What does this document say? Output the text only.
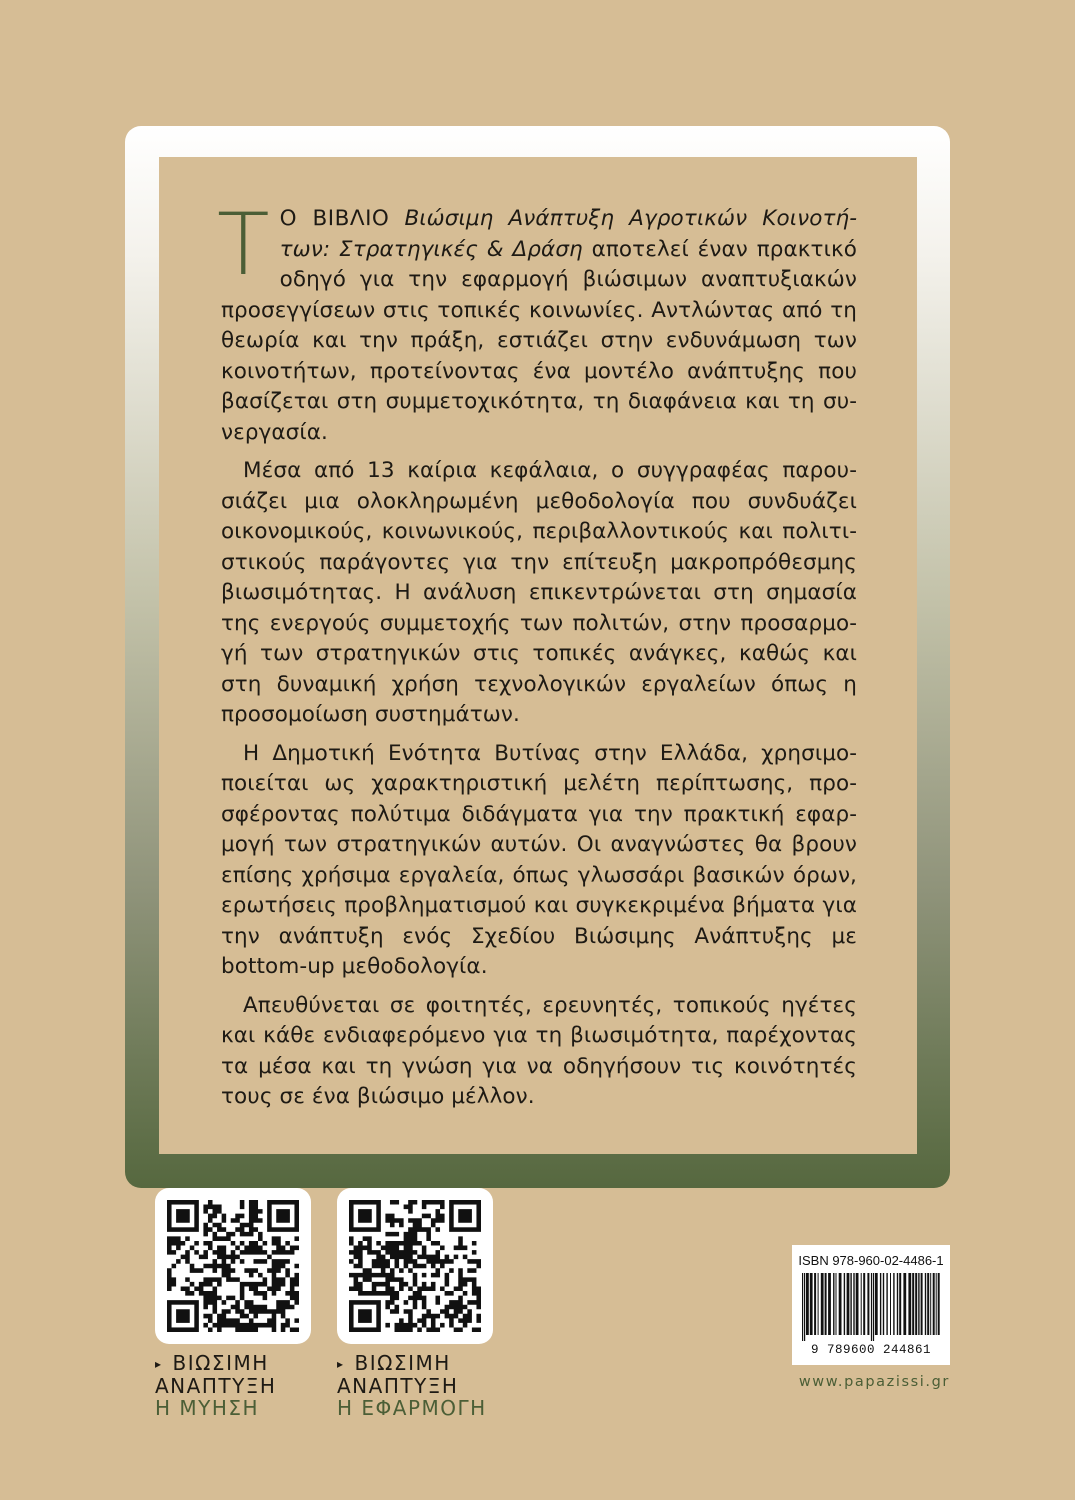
Τ Ο ΒΙΒΛΙΟ Βιώσιμη Ανάπτυξη Αγροτικών Κοινοτήτων: Στρατηγικές & Δράση αποτελεί έναν πρακτικό οδηγό για την εφαρμογή βιώσιμων αναπτυξιακών προσεγγίσεων στις τοπικές κοινωνίες. Αντλώντας από τη θεωρία και την πράξη, εστιάζει στην ενδυνάμωση των κοινοτήτων, προτείνοντας ένα μοντέλο ανάπτυξης που βασίζεται στη συμμετοχικότητα, τη διαφάνεια και τη συνεργασία.

Μέσα από 13 καίρια κεφάλαια, ο συγγραφέας παρουσιάζει μια ολοκληρωμένη μεθοδολογία που συνδυάζει οικονομικούς, κοινωνικούς, περιβαλλοντικούς και πολιτιστικούς παράγοντες για την επίτευξη μακροπρόθεσμης βιωσιμότητας. Η ανάλυση επικεντρώνεται στη σημασία της ενεργούς συμμετοχής των πολιτών, στην προσαρμογή των στρατηγικών στις τοπικές ανάγκες, καθώς και στη δυναμική χρήση τεχνολογικών εργαλείων όπως η προσομοίωση συστημάτων.

Η Δημοτική Ενότητα Βυτίνας στην Ελλάδα, χρησιμοποιείται ως χαρακτηριστική μελέτη περίπτωσης, προσφέροντας πολύτιμα διδάγματα για την πρακτική εφαρμογή των στρατηγικών αυτών. Οι αναγνώστες θα βρουν επίσης χρήσιμα εργαλεία, όπως γλωσσάρι βασικών όρων, ερωτήσεις προβληματισμού και συγκεκριμένα βήματα για την ανάπτυξη ενός Σχεδίου Βιώσιμης Ανάπτυξης με bottom-up μεθοδολογία.

Απευθύνεται σε φοιτητές, ερευνητές, τοπικούς ηγέτες και κάθε ενδιαφερόμενο για τη βιωσιμότητα, παρέχοντας τα μέσα και τη γνώση για να οδηγήσουν τις κοινότητές τους σε ένα βιώσιμο μέλλον.

▸ ΒΙΩΣΙΜΗ
ΑΝΑΠΤΥΞΗ
Η ΜΥΗΣΗ
▸ ΒΙΩΣΙΜΗ
ΑΝΑΠΤΥΞΗ
Η ΕΦΑΡΜΟΓΗ
ISBN 978-960-02-4486-1
9 789600 244861
www.papazissi.gr
